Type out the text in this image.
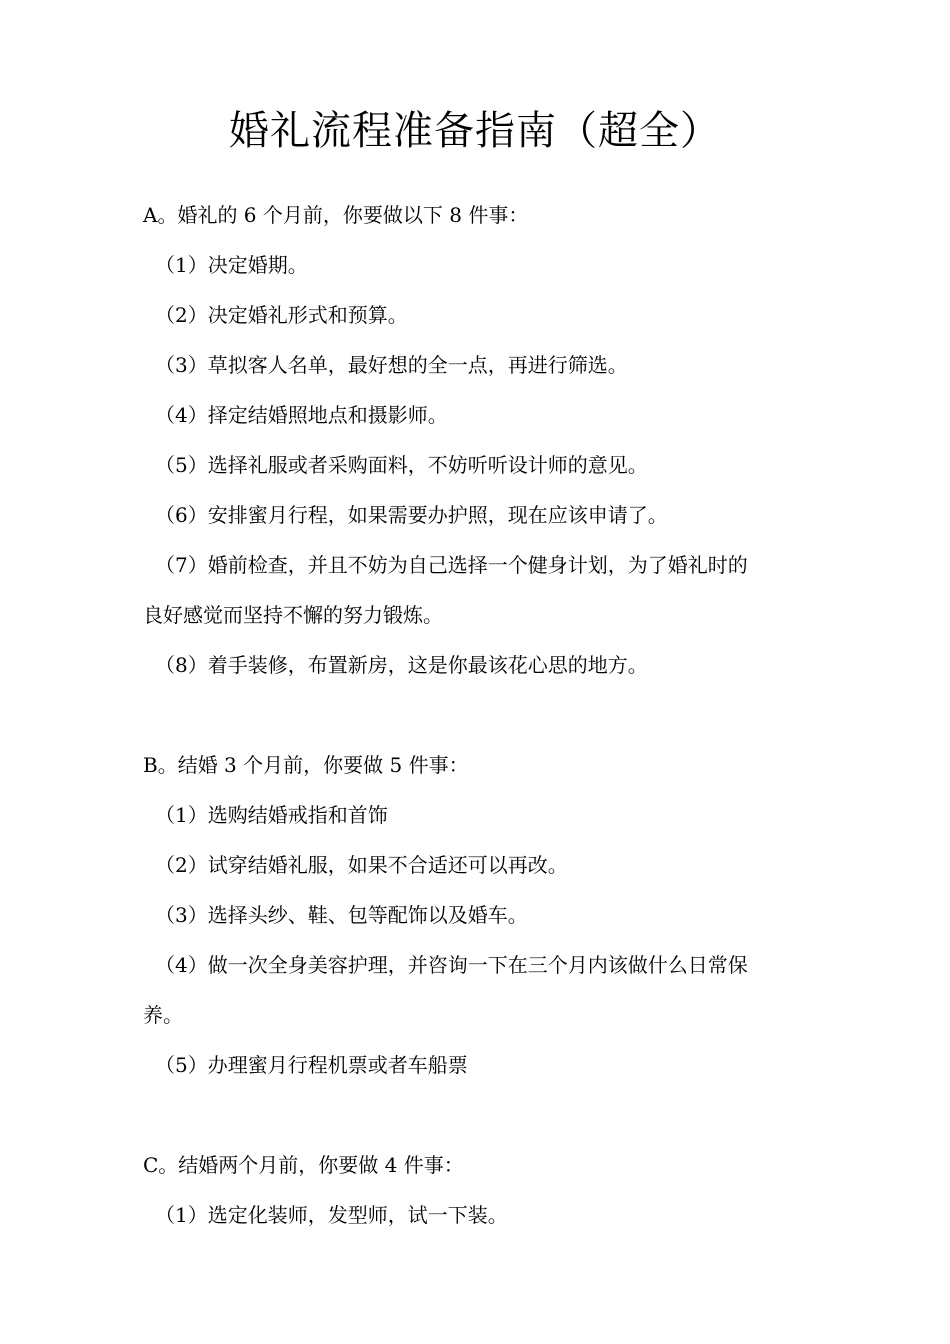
婚礼流程准备指南（超全）

A。婚礼的 6 个月前，你要做以下 8 件事：

（1）决定婚期。

（2）决定婚礼形式和预算。

（3）草拟客人名单，最好想的全一点，再进行筛选。

（4）择定结婚照地点和摄影师。

（5）选择礼服或者采购面料，不妨听听设计师的意见。

（6）安排蜜月行程，如果需要办护照，现在应该申请了。

（7）婚前检查，并且不妨为自己选择一个健身计划，为了婚礼时的

良好感觉而坚持不懈的努力锻炼。

（8）着手装修，布置新房，这是你最该花心思的地方。

B。结婚 3 个月前，你要做 5 件事：

（1）选购结婚戒指和首饰

（2）试穿结婚礼服，如果不合适还可以再改。

（3）选择头纱、鞋、包等配饰以及婚车。

（4）做一次全身美容护理，并咨询一下在三个月内该做什么日常保

养。

（5）办理蜜月行程机票或者车船票

C。结婚两个月前，你要做 4 件事：

（1）选定化装师，发型师，试一下装。
